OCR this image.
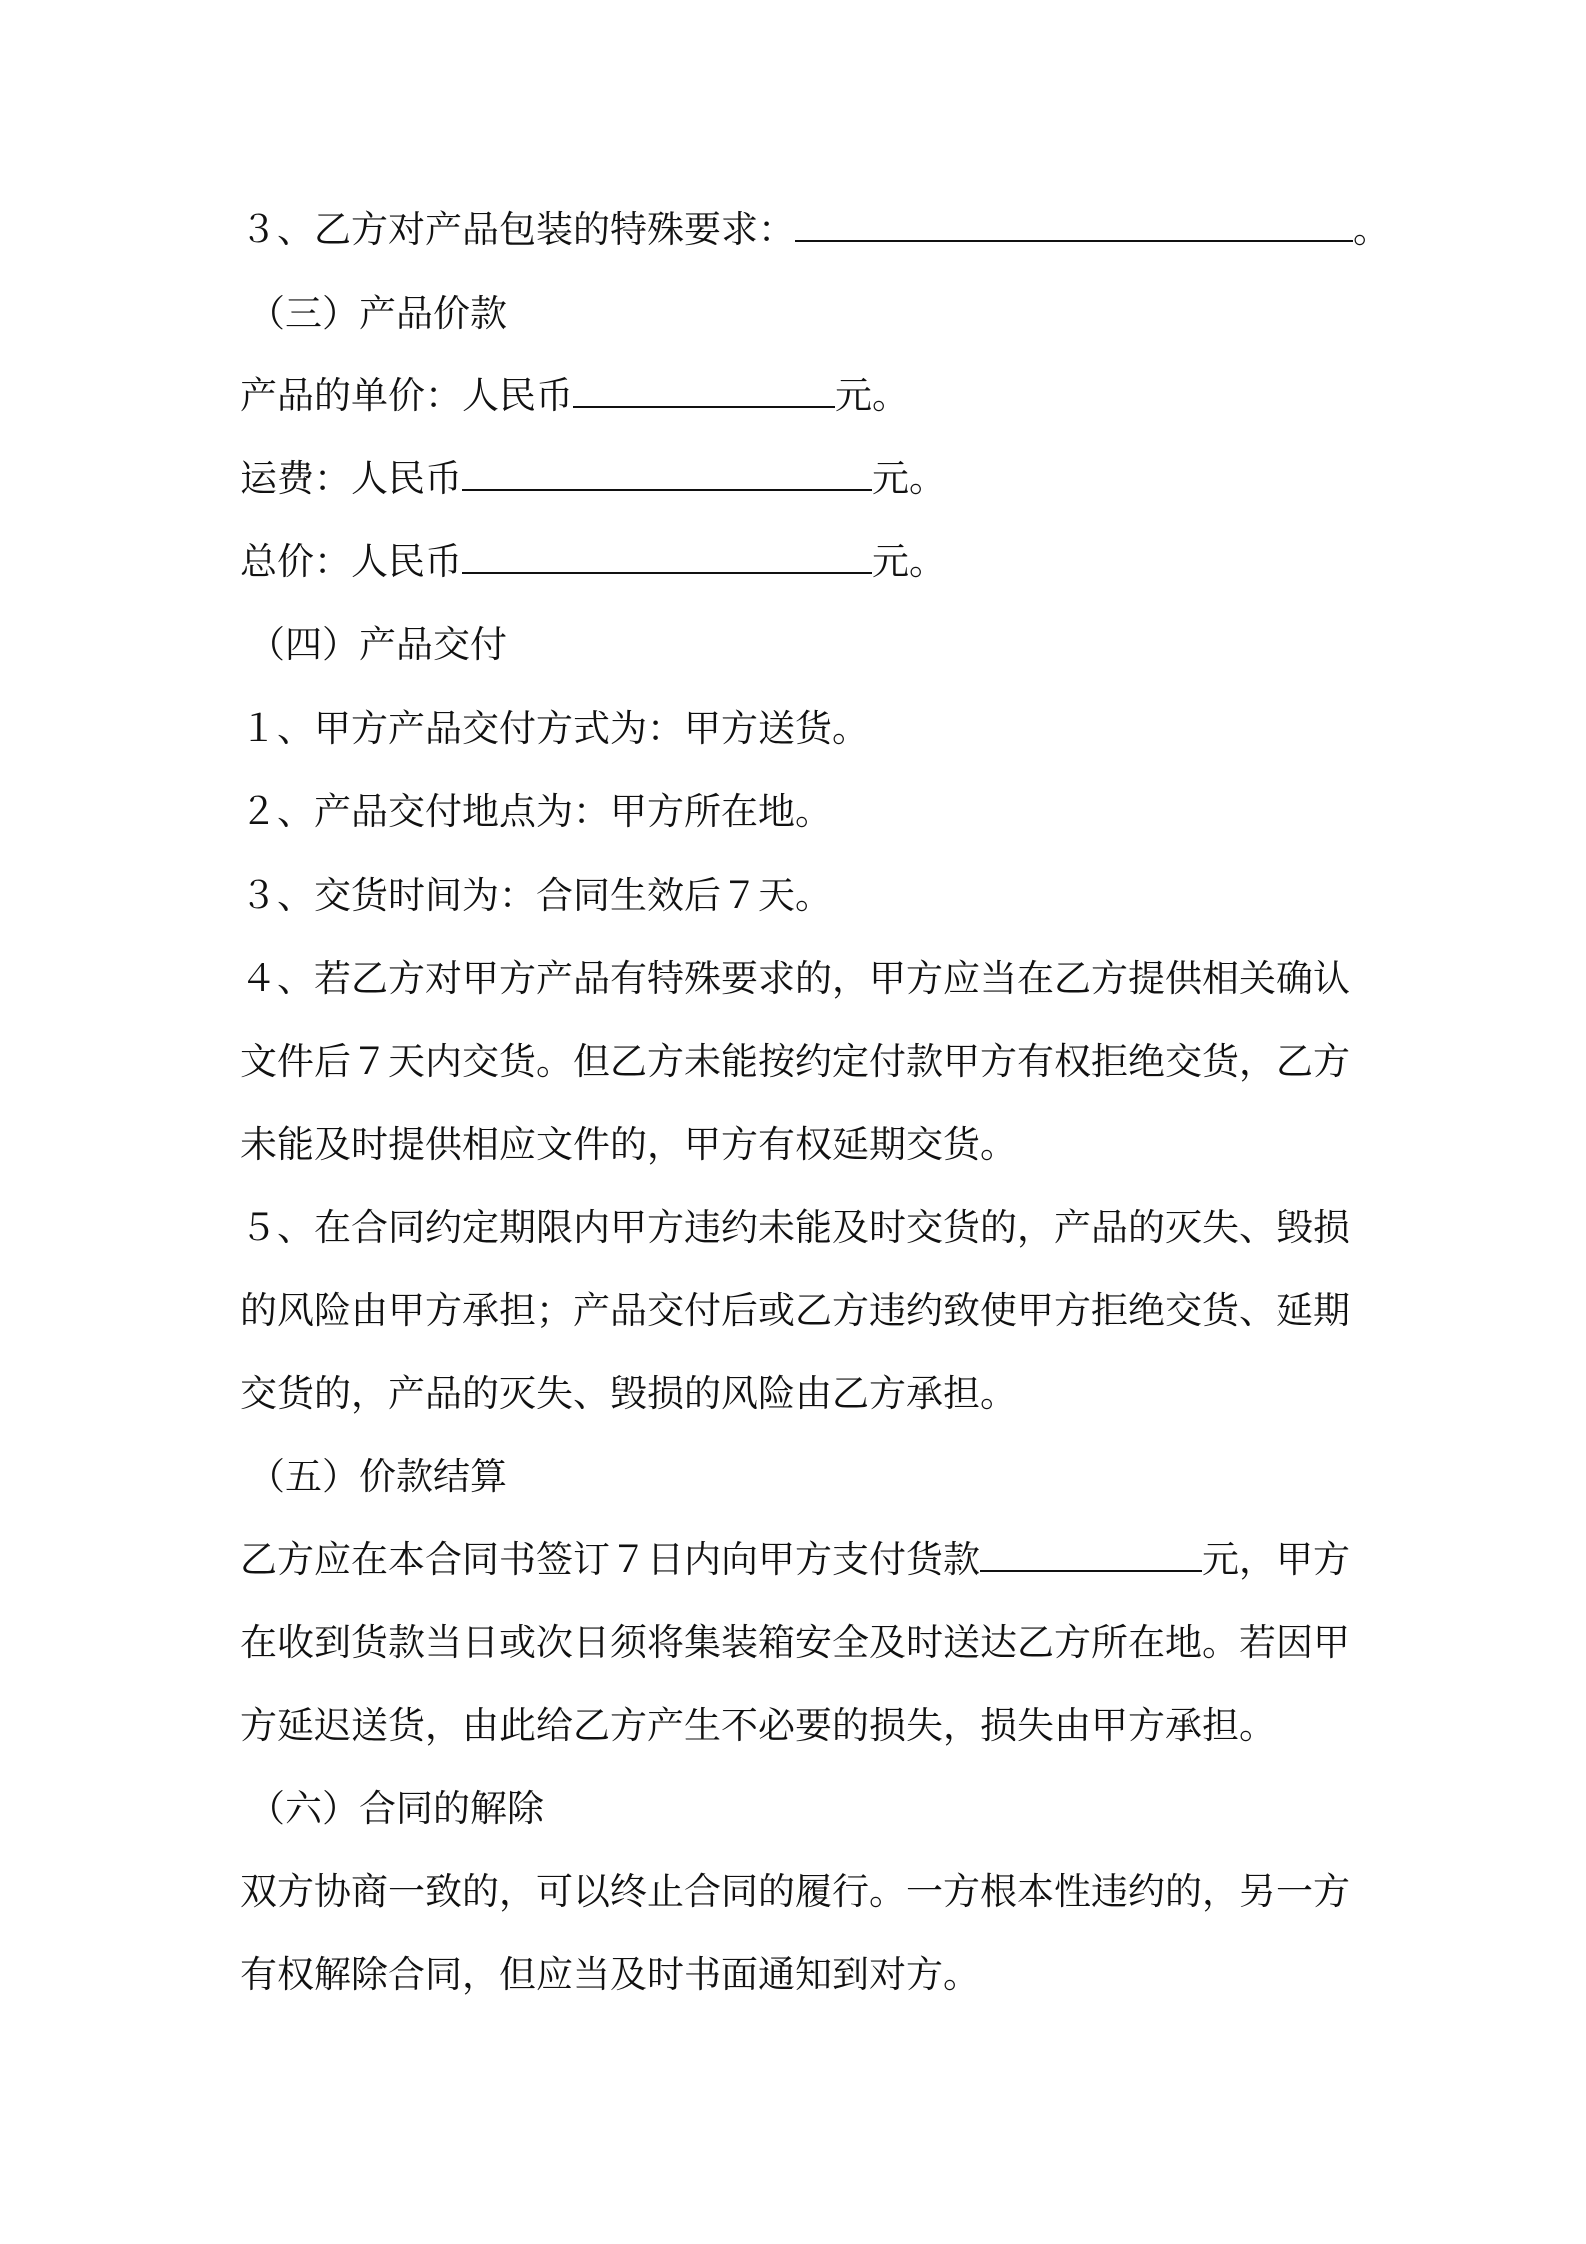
３、乙方对产品包装的特殊要求：	。
（三）产品价款
产品的单价：人民币	元。
运费：人民币	元。
总价：人民币	元。
（四）产品交付
１、甲方产品交付方式为：甲方送货。
２、产品交付地点为：甲方所在地。
３、交货时间为：合同生效后７天。
４、若乙方对甲方产品有特殊要求的，甲方应当在乙方提供相关确认
文件后７天内交货。但乙方未能按约定付款甲方有权拒绝交货，乙方
未能及时提供相应文件的，甲方有权延期交货。
５、在合同约定期限内甲方违约未能及时交货的，产品的灭失、毁损
的风险由甲方承担；产品交付后或乙方违约致使甲方拒绝交货、延期
交货的，产品的灭失、毁损的风险由乙方承担。
（五）价款结算
乙方应在本合同书签订７日内向甲方支付货款	元，甲方
在收到货款当日或次日须将集装箱安全及时送达乙方所在地。若因甲
方延迟送货，由此给乙方产生不必要的损失，损失由甲方承担。
（六）合同的解除
双方协商一致的，可以终止合同的履行。一方根本性违约的，另一方
有权解除合同，但应当及时书面通知到对方。
